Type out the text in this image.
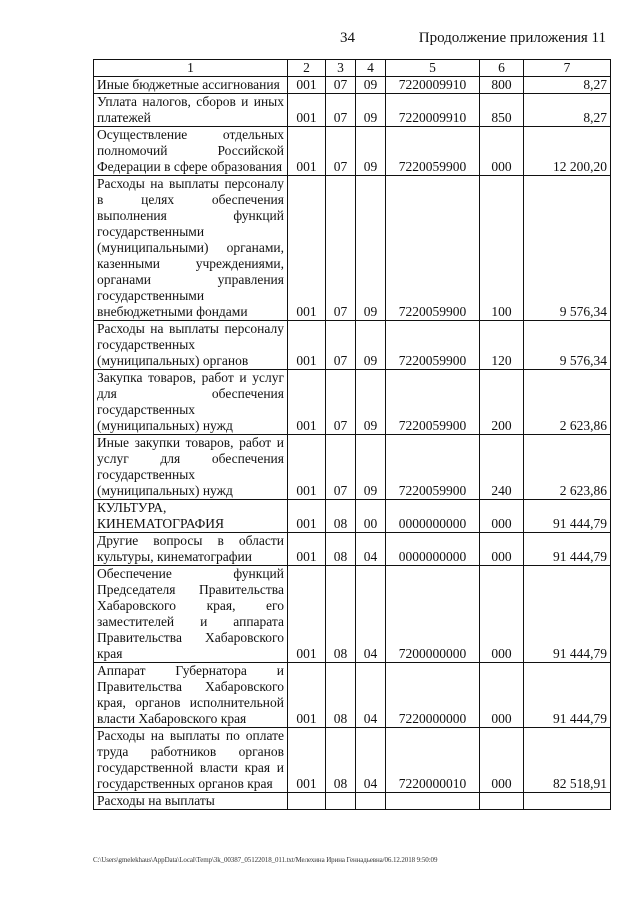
34	Продолжение приложения 11
1	2	3	4	5	6	7
Иные бюджетные ассигнования	001	07	09	7220009910	800	8,27
Уплата налогов, сборов и иных платежей	001	07	09	7220009910	850	8,27
Осуществление отдельных полномочий Российской Федерации в сфере образования	001	07	09	7220059900	000	12 200,20
Расходы на выплаты персоналу в целях обеспечения выполнения функций государственными (муниципальными) органами, казенными учреждениями, органами управления государственными внебюджетными фондами	001	07	09	7220059900	100	9 576,34
Расходы на выплаты персоналу государственных (муниципальных) органов	001	07	09	7220059900	120	9 576,34
Закупка товаров, работ и услуг для обеспечения государственных (муниципальных) нужд	001	07	09	7220059900	200	2 623,86
Иные закупки товаров, работ и услуг для обеспечения государственных (муниципальных) нужд	001	07	09	7220059900	240	2 623,86
КУЛЬТУРА, КИНЕМАТОГРАФИЯ	001	08	00	0000000000	000	91 444,79
Другие вопросы в области культуры, кинематографии	001	08	04	0000000000	000	91 444,79
Обеспечение функций Председателя Правительства Хабаровского края, его заместителей и аппарата Правительства Хабаровского края	001	08	04	7200000000	000	91 444,79
Аппарат Губернатора и Правительства Хабаровского края, органов исполнительной власти Хабаровского края	001	08	04	7220000000	000	91 444,79
Расходы на выплаты по оплате труда работников органов государственной власти края и государственных органов края	001	08	04	7220000010	000	82 518,91
Расходы на выплаты						
C:\Users\gmelekhaus\AppData\Local\Temp\3k_00387_05122018_011.txt/Мелехина Ирина Геннадьевна/06.12.2018 9:50:09
